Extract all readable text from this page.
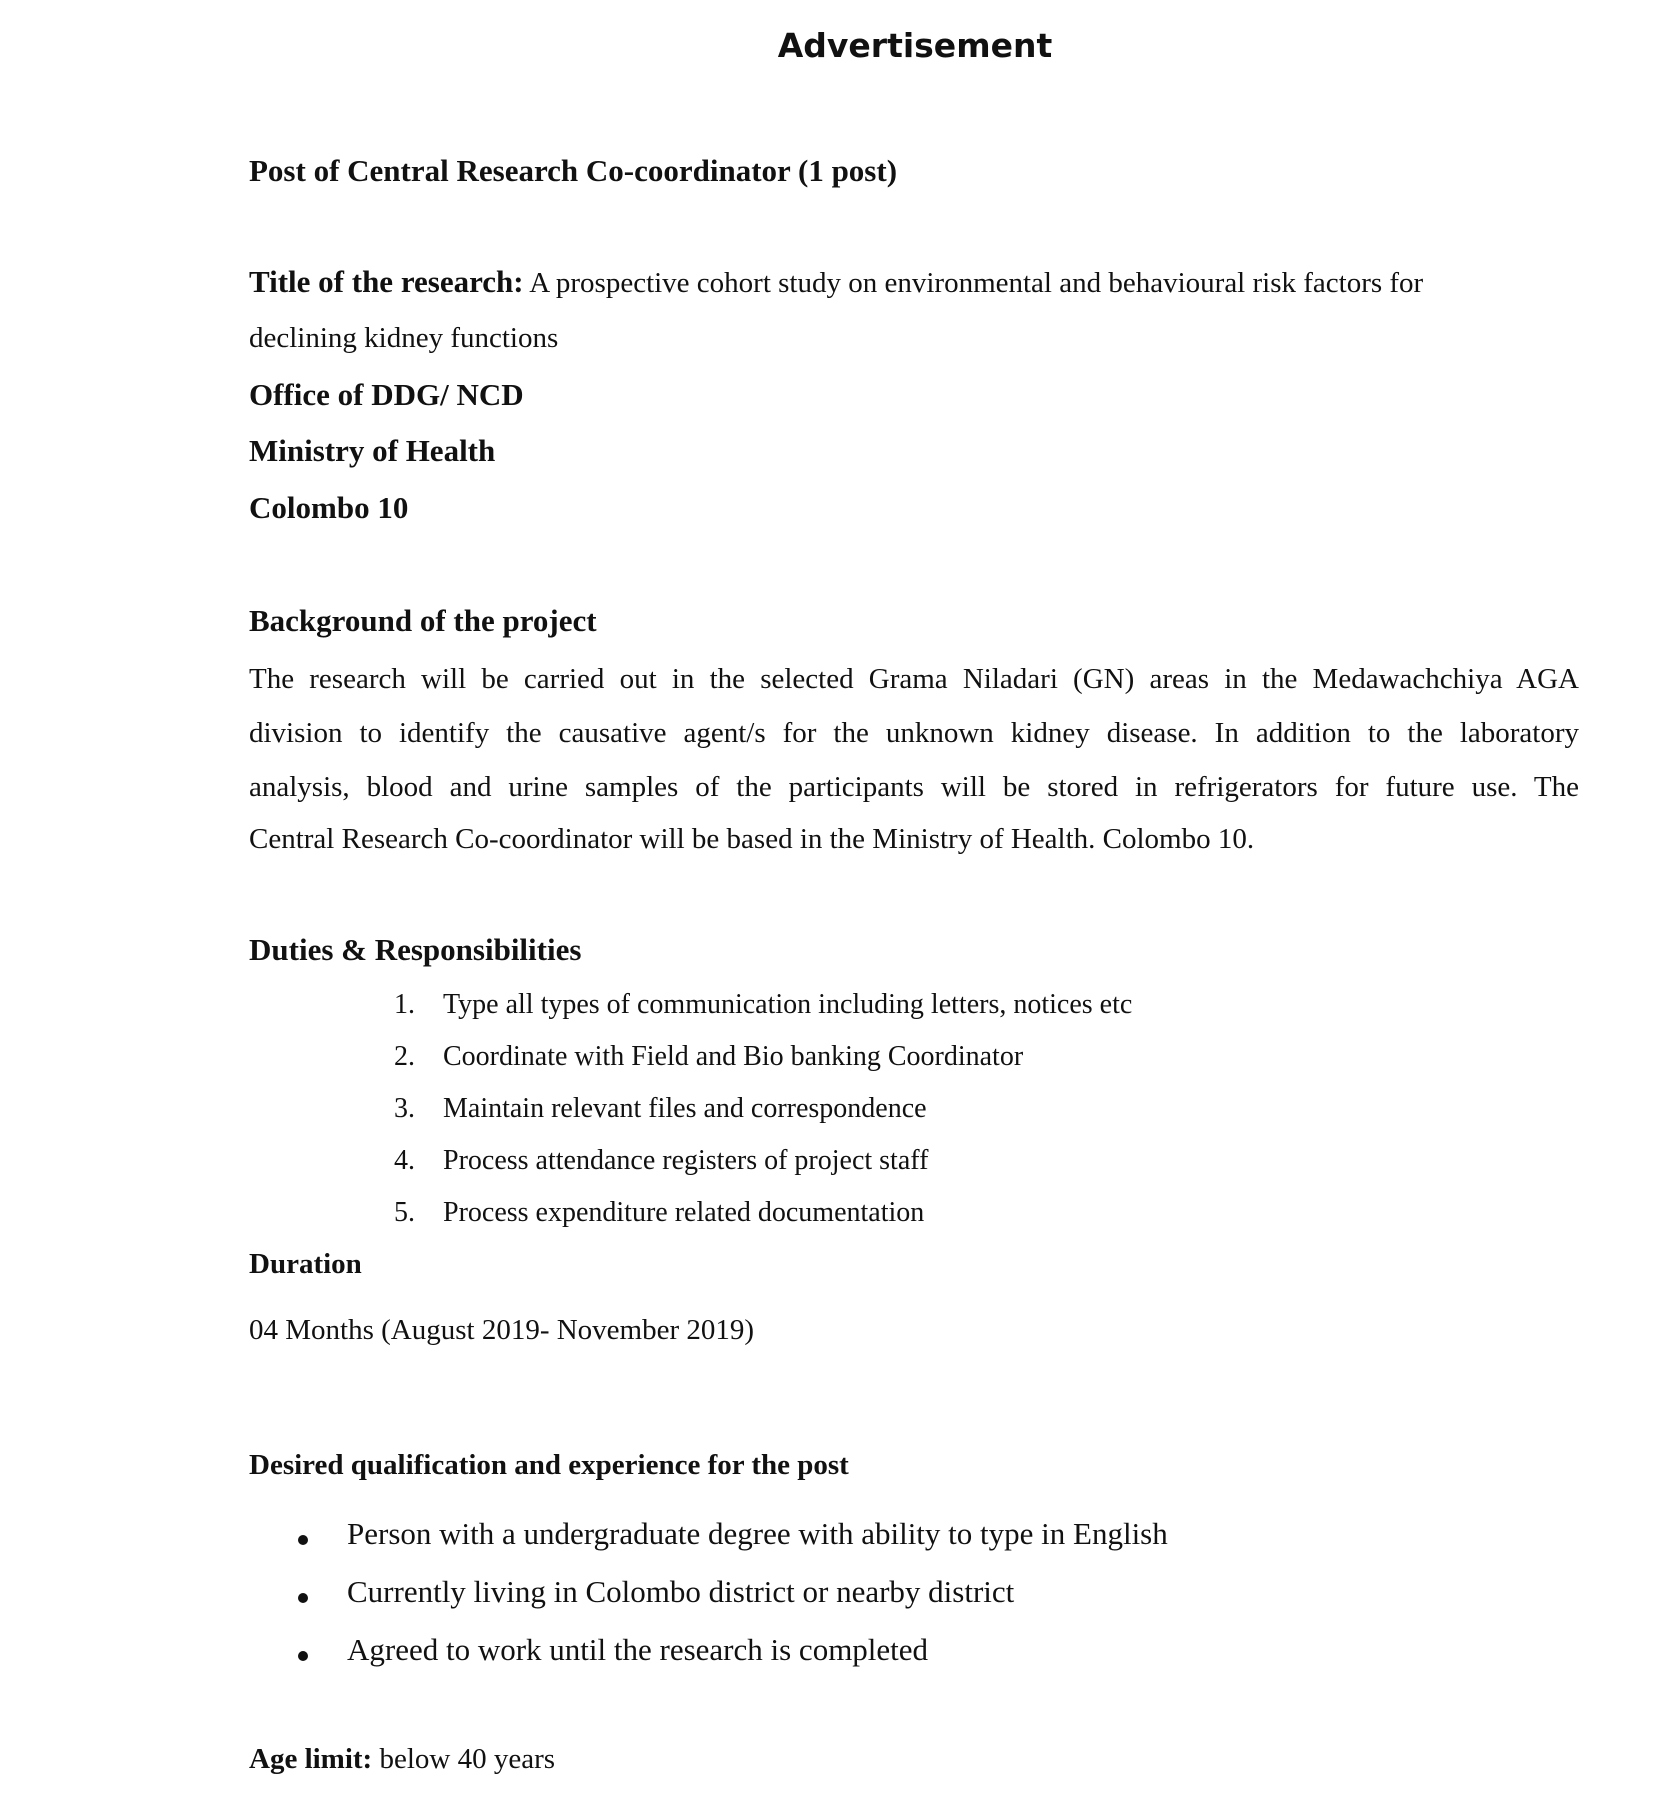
Advertisement
Post of Central Research Co-coordinator (1 post)
Title of the research: A prospective cohort study on environmental and behavioural risk factors for
declining kidney functions
Office of DDG/ NCD
Ministry of Health
Colombo 10
Background of the project
The research will be carried out in the selected Grama Niladari (GN) areas in the Medawachchiya AGA
division to identify the causative agent/s for the unknown kidney disease. In addition to the laboratory
analysis, blood and urine samples of the participants will be stored in refrigerators for future use. The
Central Research Co-coordinator will be based in the Ministry of Health. Colombo 10.
Duties & Responsibilities
1. Type all types of communication including letters, notices etc
2. Coordinate with Field and Bio banking Coordinator
3. Maintain relevant files and correspondence
4. Process attendance registers of project staff
5. Process expenditure related documentation
Duration
04 Months (August 2019- November 2019)
Desired qualification and experience for the post
Person with a undergraduate degree with ability to type in English
Currently living in Colombo district or nearby district
Agreed to work until the research is completed
Age limit: below 40 years
